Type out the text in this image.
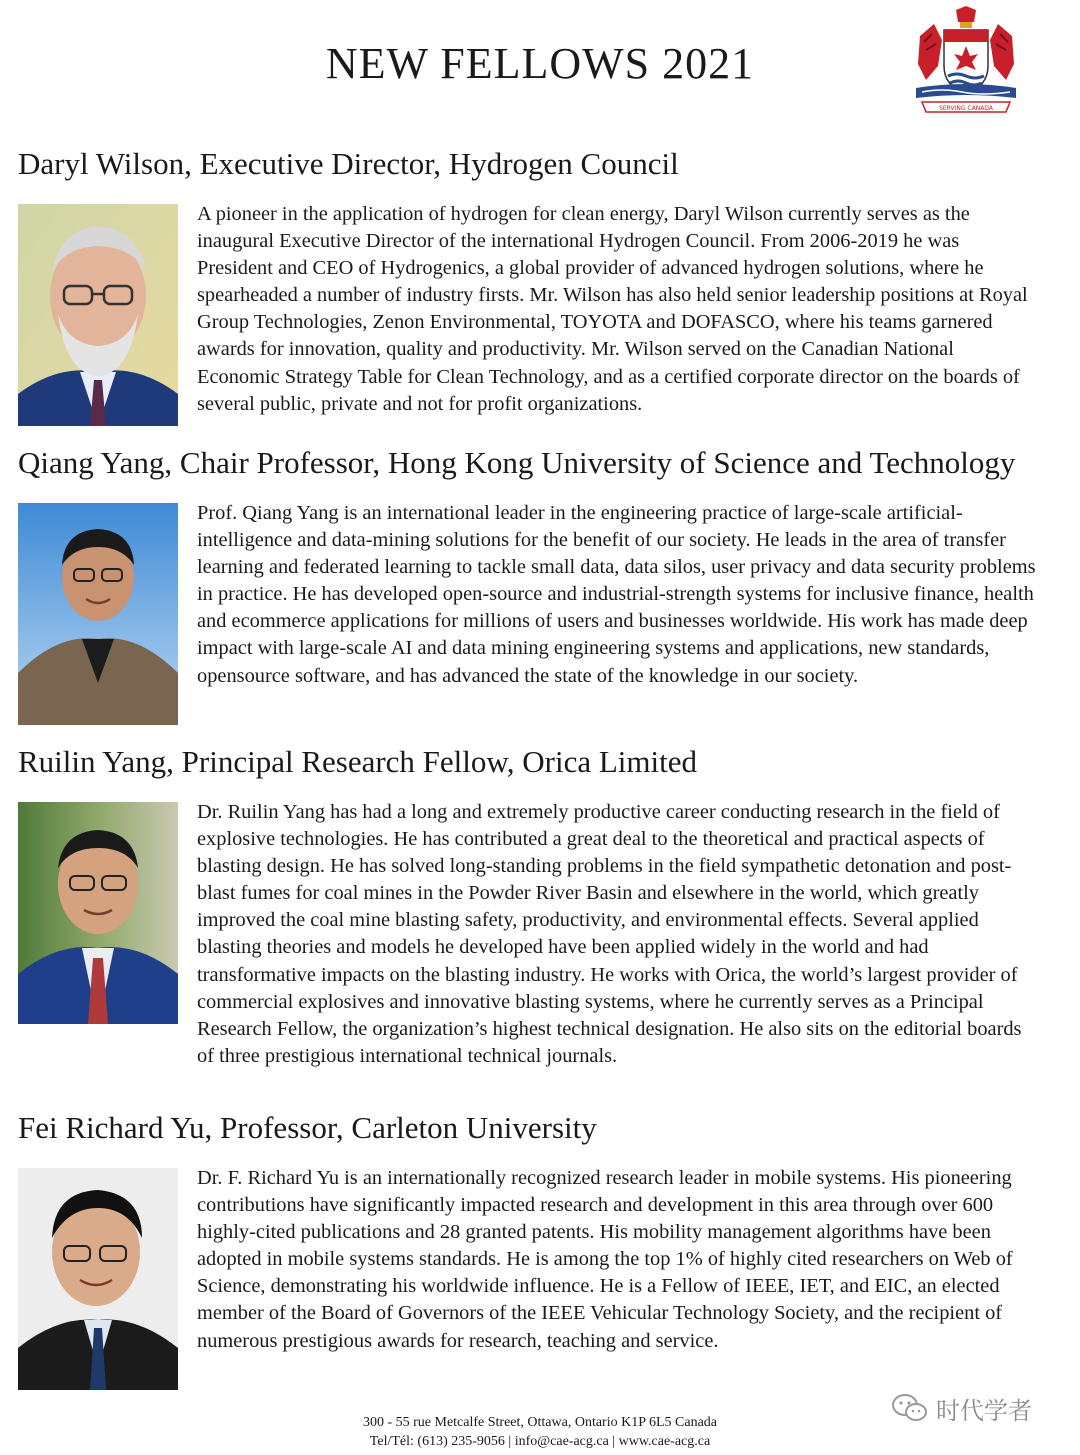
NEW FELLOWS 2021
SERVING CANADA
Daryl Wilson, Executive Director, Hydrogen Council

A pioneer in the application of hydrogen for clean energy, Daryl Wilson currently serves as the inaugural Executive Director of the international Hydrogen Council. From 2006-2019 he was President and CEO of Hydrogenics, a global provider of advanced hydrogen solutions, where he spearheaded a number of industry firsts. Mr. Wilson has also held senior leadership positions at Royal Group Technologies, Zenon Environmental, TOYOTA and DOFASCO, where his teams garnered awards for innovation, quality and productivity. Mr. Wilson served on the Canadian National Economic Strategy Table for Clean Technology, and as a certified corporate director on the boards of several public, private and not for profit organizations.

Qiang Yang, Chair Professor, Hong Kong University of Science and Technology

Prof. Qiang Yang is an international leader in the engineering practice of large-scale artificial-intelligence and data-mining solutions for the benefit of our society. He leads in the area of transfer learning and federated learning to tackle small data, data silos, user privacy and data security problems in practice. He has developed open-source and industrial-strength systems for inclusive finance, health and ecommerce applications for millions of users and businesses worldwide. His work has made deep impact with large-scale AI and data mining engineering systems and applications, new standards, opensource software, and has advanced the state of the knowledge in our society.

Ruilin Yang, Principal Research Fellow, Orica Limited

Dr. Ruilin Yang has had a long and extremely productive career conducting research in the field of explosive technologies. He has contributed a great deal to the theoretical and practical aspects of blasting design. He has solved long-standing problems in the field sympathetic detonation and post-blast fumes for coal mines in the Powder River Basin and elsewhere in the world, which greatly improved the coal mine blasting safety, productivity, and environmental effects. Several applied blasting theories and models he developed have been applied widely in the world and had transformative impacts on the blasting industry. He works with Orica, the world’s largest provider of commercial explosives and innovative blasting systems, where he currently serves as a Principal Research Fellow, the organization’s highest technical designation. He also sits on the editorial boards of three prestigious international technical journals.

Fei Richard Yu, Professor, Carleton University

Dr. F. Richard Yu is an internationally recognized research leader in mobile systems. His pioneering contributions have significantly impacted research and development in this area through over 600 highly-cited publications and 28 granted patents. His mobility management algorithms have been adopted in mobile systems standards. He is among the top 1% of highly cited researchers on Web of Science, demonstrating his worldwide influence. He is a Fellow of IEEE, IET, and EIC, an elected member of the Board of Governors of the IEEE Vehicular Technology Society, and the recipient of numerous prestigious awards for research, teaching and service.

300 - 55 rue Metcalfe Street, Ottawa, Ontario K1P 6L5 Canada
Tel/Tél: (613) 235-9056 | info@cae-acg.ca | www.cae-acg.ca
时代学者
